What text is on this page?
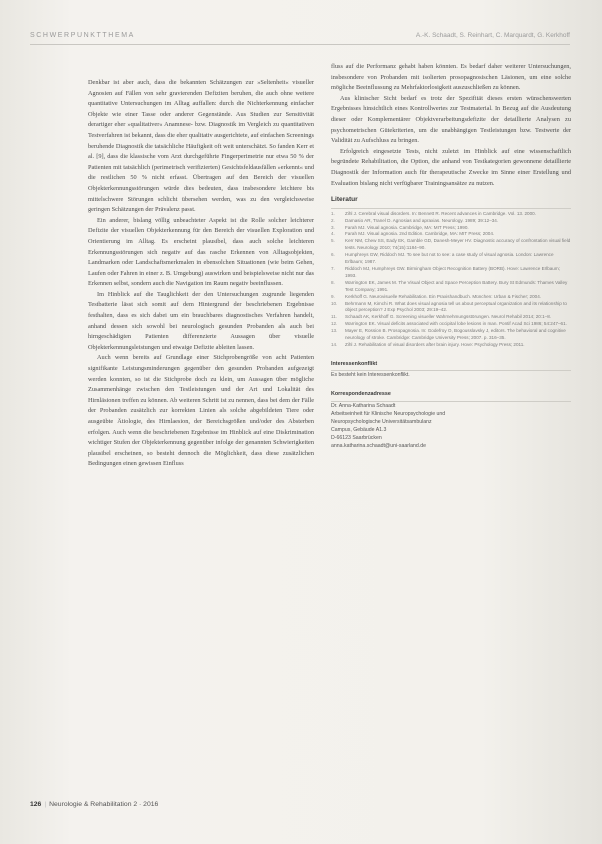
SCHWERPUNKTTHEMA	A.-K. Schaadt, S. Reinhart, C. Marquardt, G. Kerkhoff

Denkbar ist aber auch, dass die bekannten Schätzungen zur »Seltenheit« visueller Agnosien auf Fällen von sehr gravierenden Defiziten beruhen, die auch ohne weitere quantitative Untersuchungen im Alltag auffallen: durch die Nichterkennung einfacher Objekte wie einer Tasse oder anderer Gegenstände. Aus Studien zur Sensitivität derartiger eher »qualitativer« Anamnese- bzw. Diagnostik im Vergleich zu quantitativen Testverfahren ist bekannt, dass die eher qualitativ ausgerichtete, auf einfachen Screenings beruhende Diagnostik die tatsächliche Häufigkeit oft weit unterschätzt. So fanden Kerr et al. [9], dass die klassische vom Arzt durchgeführte Fingerperimetrie nur etwa 50 % der Patienten mit tatsächlich (perimetrisch verifizierten) Gesichtsfeldausfällen »erkennt« und die restlichen 50 % nicht erfasst. Übertragen auf den Bereich der visuellen Objekterkennungsstörungen würde dies bedeuten, dass insbesondere leichtere bis mittelschwere Störungen schlicht übersehen werden, was zu den vergleichsweise geringen Schätzungen der Prävalenz passt.

Ein anderer, bislang völlig unbeachteter Aspekt ist die Rolle solcher leichterer Defizite der visuellen Objekterkennung für den Bereich der visuellen Exploration und Orientierung im Alltag. Es erscheint plausibel, dass auch solche leichteren Erkennungsstörungen sich negativ auf das rasche Erkennen von Alltagsobjekten, Landmarken oder Landschaftsmerkmalen in ebensolchen Situationen (wie beim Gehen, Laufen oder Fahren in einer z. B. Umgebung) auswirken und beispielsweise nicht nur das Erkennen selbst, sondern auch die Navigation im Raum negativ beeinflussen.

Im Hinblick auf die Tauglichkeit der den Untersuchungen zugrunde liegenden Testbatterie lässt sich somit auf dem Hintergrund der beschriebenen Ergebnisse festhalten, dass es sich dabei um ein brauchbares diagnostisches Verfahren handelt, anhand dessen sich sowohl bei neurologisch gesunden Probanden als auch bei hirngeschädigten Patienten differenzierte Aussagen über visuelle Objekterkennungsleistungen und etwaige Defizite ableiten lassen.

Auch wenn bereits auf Grundlage einer Stichprobengröße von acht Patienten signifikante Leistungsminderungen gegenüber den gesunden Probanden aufgezeigt werden konnten, so ist die Stichprobe doch zu klein, um Aussagen über mögliche Zusammenhänge zwischen den Testleistungen und der Art und Lokalität des Hirnläsionen treffen zu können. Ab weiteren Schritt ist zu nennen, dass bei dem der Fälle der Probanden zusätzlich zur korrekten Linien als solche abgebildeten Tiere oder ausgeübte Ätiologie, des Hirnlaesion, der Bereichsgrößen und/oder des Absterben erfolgen. Auch wenn die beschriebenen Ergebnisse im Hinblick auf eine Diskrimination wichtiger Stufen der Objekterkennung gegenüber infolge der genannten Schwierigkeiten plausibel erscheinen, so besteht dennoch die Möglichkeit, dass diese zusätzlichen Bedingungen einen gewissen Einfluss

fluss auf die Performanz gehabt haben könnten. Es bedarf daher weiterer Untersuchungen, insbesondere von Probanden mit isolierten prosopagnosischen Läsionen, um eine solche mögliche Beeinflussung zu Mehrfaktorlosigkeit auszuschließen zu können.

Aus klinischer Sicht bedarf es trotz der Spezifität dieses ersten wünschenswerten Ergebnisses hinsichtlich eines Kontrollwertes zur Testmaterial. In Bezug auf die Ausdeutung dieser oder Komplementärer Objektverarbeitungsdefizite der detaillierte Analysen zu psychometrischen Gütekriterien, um die unabhängigen Testleistungen bzw. Testwerte der Validität zu Aufschluss zu bringen.

Erfolgreich eingesetzte Tests, nicht zuletzt im Hinblick auf eine wissenschaftlich begründete Rehabilitation, die Option, die anhand von Testkategorien gewonnene detaillierte Diagnostik der Information auch für therapeutische Zwecke im Sinne einer Erstellung und Evaluation bislang nicht verfügbarer Trainingsansätze zu nutzen.

Literatur
1. Zihl J. Cerebral visual disorders. In: Bennett R. Recent advances in Cambridge. Vol. 13. 2000.
2. Damasio AR, Tranel D. Agnosias and apraxias. Neurology. 1989; 39:12–34.
3. Farah MJ. Visual agnosia. Cambridge, MA: MIT Press; 1990.
4. Farah MJ. Visual agnosia. 2nd Edition. Cambridge, MA: MIT Press; 2004.
5. Kerr NM, Chew SS, Eady EK, Gamble GD, Danesh-Meyer HV. Diagnostic accuracy of confrontation visual field tests. Neurology 2010; 74(15):1184–90.
6. Humphreys GW, Riddoch MJ. To see but not to see: a case study of visual agnosia. London: Lawrence Erlbaum; 1987.
7. Riddoch MJ, Humphreys GW. Birmingham Object Recognition Battery (BORB). Hove: Lawrence Erlbaum; 1993.
8. Warrington EK, James M. The Visual Object and Space Perception Battery. Bury St Edmunds: Thames Valley Test Company; 1991.
9. Kerkhoff G. Neurovisuelle Rehabilitation. Ein Praxishandbuch. München: Urban & Fischer; 2004.
10. Behrmann M, Kimchi R. What does visual agnosia tell us about perceptual organization and its relationship to object perception? J Exp Psychol 2003; 29:19–42.
11. Schaadt AK, Kerkhoff G. Screening visueller Wahrnehmungsstörungen. Neurol Rehabil 2014; 20:1–8.
12. Warrington EK. Visual deficits associated with occipital lobe lesions in man. Pontif Acad Sci 1986; 54:247–61.
13. Mayer E, Rossion B. Prosopagnosia. In: Godefroy O, Bogousslavsky J, editors. The behavioral and cognitive neurology of stroke. Cambridge: Cambridge University Press; 2007. p. 316–35.
14. Zihl J. Rehabilitation of visual disorders after brain injury. Hove: Psychology Press; 2011.
Interessenkonflikt
Es besteht kein Interessenkonflikt.
Korrespondenzadresse
Dr. Anna-Katharina Schaadt
Arbeitseinheit für Klinische Neuropsychologie und
Neuropsychologische Universitätsambulanz
Campus, Gebäude A1.3
D-66123 Saarbrücken
anna.katharina.schaadt@uni-saarland.de
126 | Neurologie & Rehabilitation 2 · 2016
